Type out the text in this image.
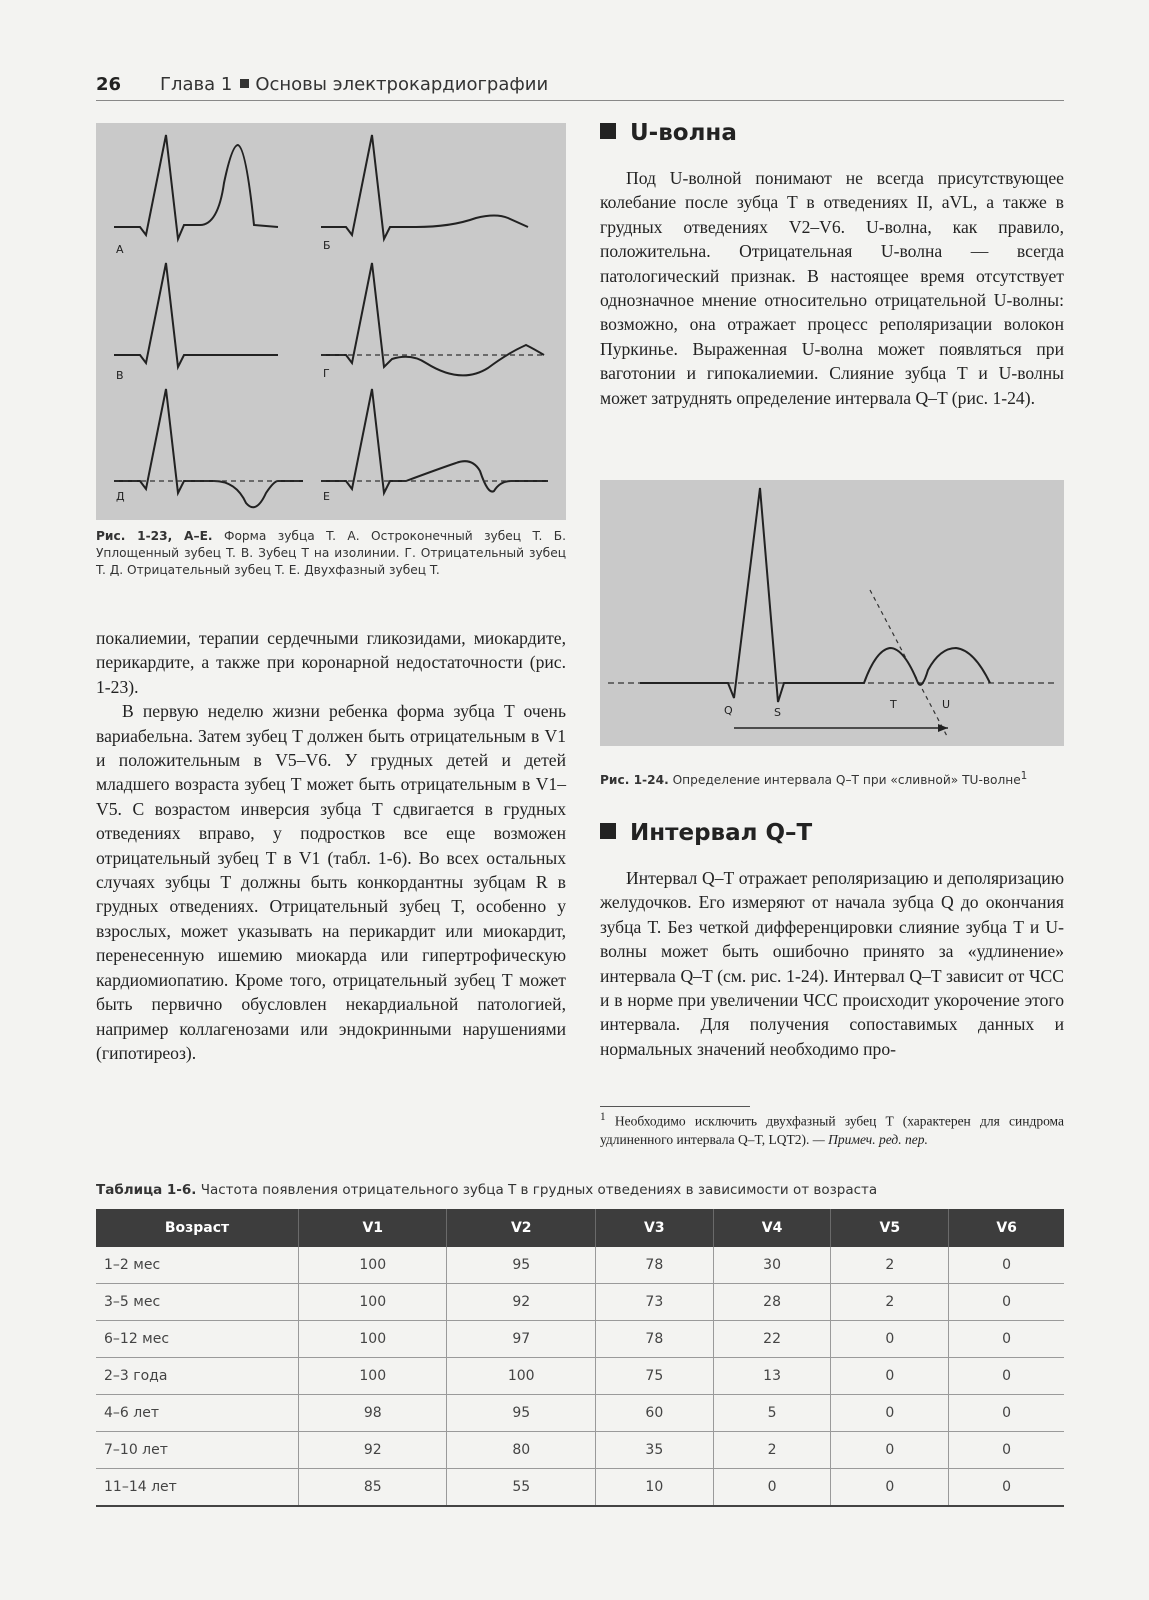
26 Глава 1 Основы электрокардиографии
А	Б
В	Г
Д	Е
Рис. 1-23, А–Е. Форма зубца T. А. Остроконечный зубец T. Б. Уплощенный зубец T. В. Зубец T на изолинии. Г. Отрицательный зубец T. Д. Отрицательный зубец T. Е. Двухфазный зубец T.

покалиемии, терапии сердечными гликозидами, миокардите, перикардите, а также при коронарной недостаточности (рис. 1-23).

В первую неделю жизни ребенка форма зубца T очень вариабельна. Затем зубец T должен быть отрицательным в V1 и положительным в V5–V6. У грудных детей и детей младшего возраста зубец T может быть отрицательным в V1–V5. С возрастом инверсия зубца T сдвигается в грудных отведениях вправо, у подростков все еще возможен отрицательный зубец T в V1 (табл. 1-6). Во всех остальных случаях зубцы T должны быть конкордантны зубцам R в грудных отведениях. Отрицательный зубец T, особенно у взрослых, может указывать на перикардит или миокардит, перенесенную ишемию миокарда или гипертрофическую кардиомиопатию. Кроме того, отрицательный зубец T может быть первично обусловлен некардиальной патологией, например коллагенозами или эндокринными нарушениями (гипотиреоз).

U-волна

Под U-волной понимают не всегда присутствующее колебание после зубца T в отведениях II, aVL, а также в грудных отведениях V2–V6. U-волна, как правило, положительна. Отрицательная U-волна — всегда патологический признак. В настоящее время отсутствует однозначное мнение относительно отрицательной U-волны: возможно, она отражает процесс реполяризации волокон Пуркинье. Выраженная U-волна может появляться при ваготонии и гипокалиемии. Слияние зубца T и U-волны может затруднять определение интервала Q–T (рис. 1-24).

Q	S
T	U
Рис. 1-24. Определение интервала Q–T при «сливной» TU-волне$^1$
Интервал Q–T

Интервал Q–T отражает реполяризацию и деполяризацию желудочков. Его измеряют от начала зубца Q до окончания зубца T. Без четкой дифференцировки слияние зубца T и U-волны может быть ошибочно принято за «удлинение» интервала Q–T (см. рис. 1-24). Интервал Q–T зависит от ЧСС и в норме при увеличении ЧСС происходит укорочение этого интервала. Для получения сопоставимых данных и нормальных значений необходимо про-

$^1$ Необходимо исключить двухфазный зубец T (характерен для синдрома удлиненного интервала Q–T, LQT2). — Примеч. ред. пер.
Таблица 1-6. Частота появления отрицательного зубца T в грудных отведениях в зависимости от возраста
Возраст	V1	V2	V3	V4	V5	V6
1–2 мес	100	95	78	30	2	0
3–5 мес	100	92	73	28	2	0
6–12 мес	100	97	78	22	0	0
2–3 года	100	100	75	13	0	0
4–6 лет	98	95	60	5	0	0
7–10 лет	92	80	35	2	0	0
11–14 лет	85	55	10	0	0	0
